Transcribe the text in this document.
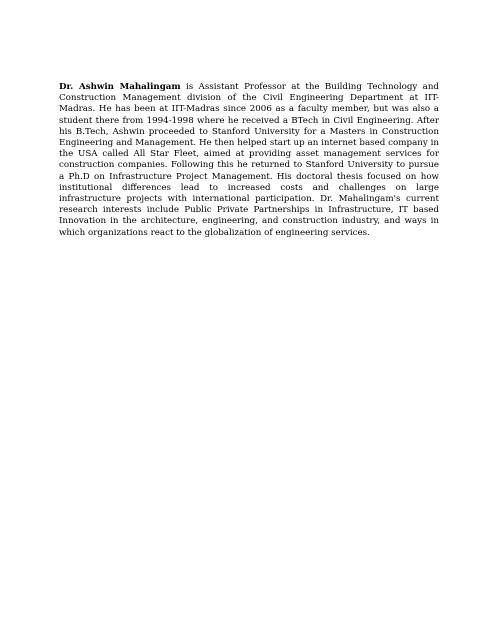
Dr. Ashwin Mahalingam is Assistant Professor at the Building Technology and Construction Management division of the Civil Engineering Department at IIT-Madras. He has been at IIT-Madras since 2006 as a faculty member, but was also a student there from 1994-1998 where he received a BTech in Civil Engineering. After his B.Tech, Ashwin proceeded to Stanford University for a Masters in Construction Engineering and Management. He then helped start up an internet based company in the USA called All Star Fleet, aimed at providing asset management services for construction companies. Following this he returned to Stanford University to pursue a Ph.D on Infrastructure Project Management. His doctoral thesis focused on how institutional differences lead to increased costs and challenges on large infrastructure projects with international participation. Dr. Mahalingam's current research interests include Public Private Partnerships in Infrastructure, IT based Innovation in the architecture, engineering, and construction industry, and ways in which organizations react to the globalization of engineering services.
